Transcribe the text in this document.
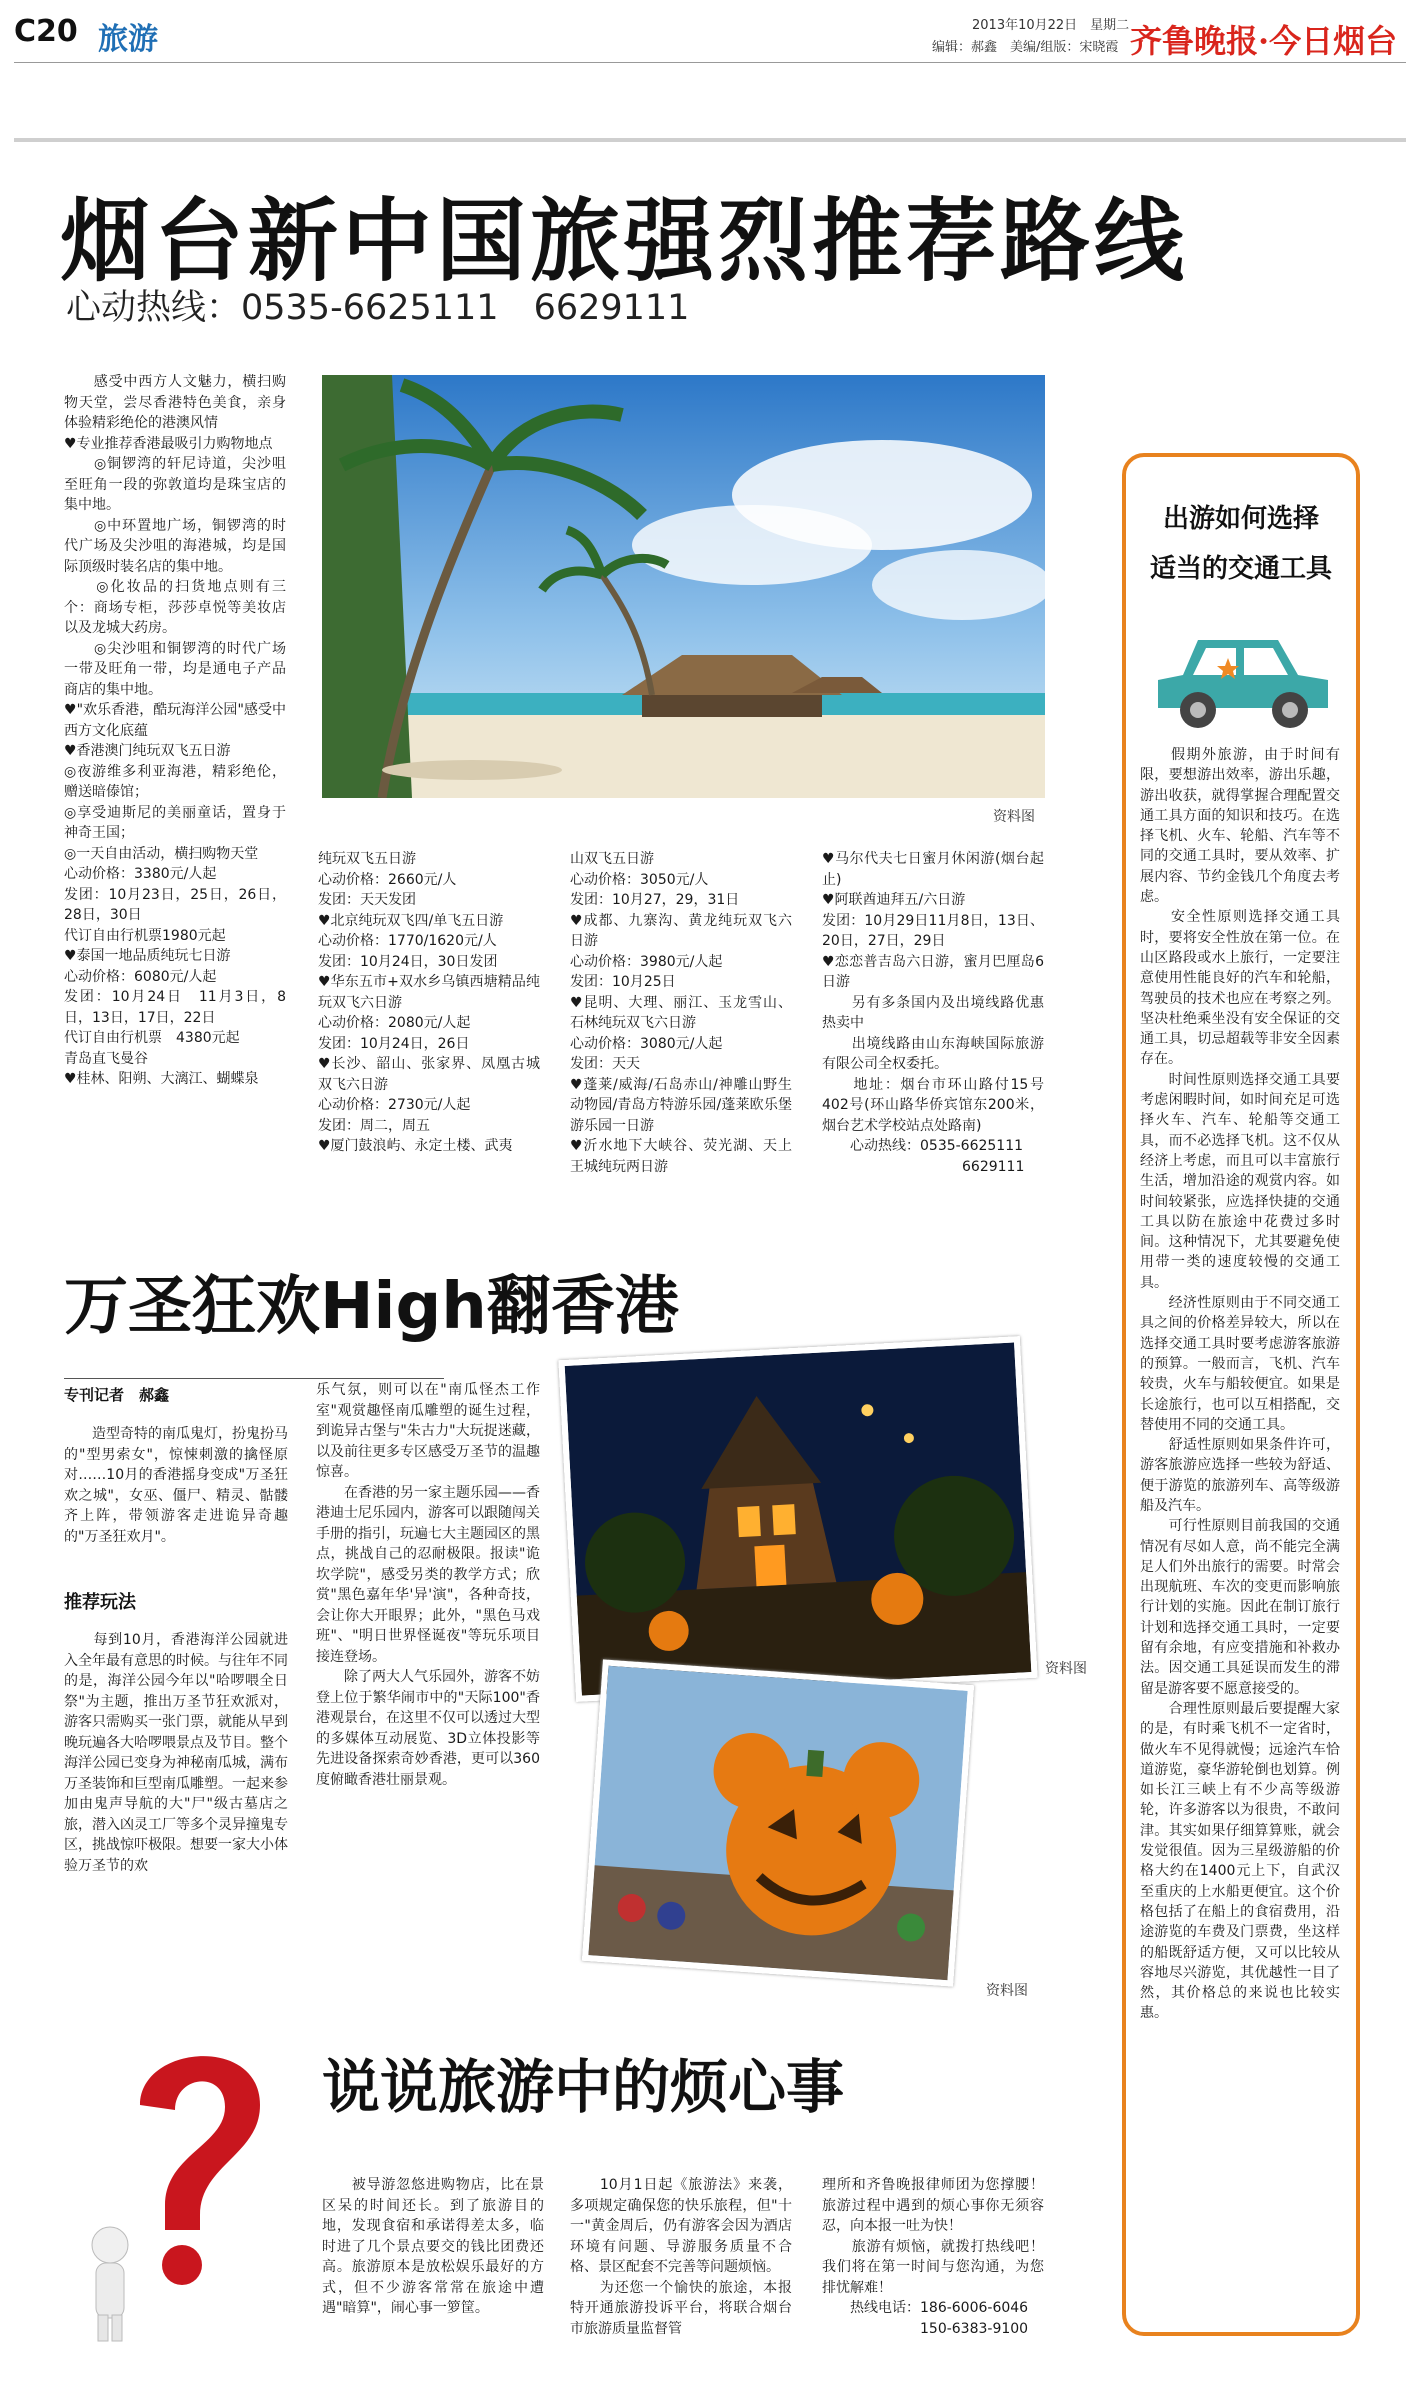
C20 旅游	2013年10月22日　星期二
编辑：郝鑫　美编/组版：宋晓霞 齐鲁晚报·今日烟台
烟台新中国旅强烈推荐路线
心动热线：0535-6625111　6629111
资料图
　　感受中西方人文魅力，横扫购物天堂，尝尽香港特色美食，亲身体验精彩绝伦的港澳风情
♥专业推荐香港最吸引力购物地点
　　◎铜锣湾的轩尼诗道，尖沙咀至旺角一段的弥敦道均是珠宝店的集中地。
　　◎中环置地广场，铜锣湾的时代广场及尖沙咀的海港城，均是国际顶级时装名店的集中地。
　　◎化妆品的扫货地点则有三个：商场专柜，莎莎卓悦等美妆店以及龙城大药房。
　　◎尖沙咀和铜锣湾的时代广场一带及旺角一带，均是通电子产品商店的集中地。
♥"欢乐香港，酷玩海洋公园"感受中西方文化底蕴
♥香港澳门纯玩双飞五日游
◎夜游维多利亚海港，精彩绝伦，赠送暗傣馆；
◎享受迪斯尼的美丽童话，置身于神奇王国；
◎一天自由活动，横扫购物天堂
心动价格：3380元/人起
发团：10月23日，25日，26日，28日，30日
代订自由行机票1980元起
♥泰国一地品质纯玩七日游
心动价格：6080元/人起
发团：10月24日　11月3日，8日，13日，17日，22日
代订自由行机票　4380元起
青岛直飞曼谷
♥桂林、阳朔、大漓江、蝴蝶泉
纯玩双飞五日游
心动价格：2660元/人
发团：天天发团
♥北京纯玩双飞四/单飞五日游
心动价格：1770/1620元/人
发团：10月24日，30日发团
♥华东五市+双水乡乌镇西塘精品纯玩双飞六日游
心动价格：2080元/人起
发团：10月24日，26日
♥长沙、韶山、张家界、凤凰古城双飞六日游
心动价格：2730元/人起
发团：周二，周五
♥厦门鼓浪屿、永定土楼、武夷
山双飞五日游
心动价格：3050元/人
发团：10月27，29，31日
♥成都、九寨沟、黄龙纯玩双飞六日游
心动价格：3980元/人起
发团：10月25日
♥昆明、大理、丽江、玉龙雪山、石林纯玩双飞六日游
心动价格：3080元/人起
发团：天天
♥蓬莱/威海/石岛赤山/神雕山野生动物园/青岛方特游乐园/蓬莱欧乐堡游乐园一日游
♥沂水地下大峡谷、荧光湖、天上王城纯玩两日游
♥马尔代夫七日蜜月休闲游(烟台起止)
♥阿联酋迪拜五/六日游
发团：10月29日11月8日，13日、20日，27日，29日
♥恋恋普吉岛六日游，蜜月巴厘岛6日游
　　另有多条国内及出境线路优惠热卖中
　　出境线路由山东海峡国际旅游有限公司全权委托。
　　地址：烟台市环山路付15号402号(环山路华侨宾馆东200米，烟台艺术学校站点处路南)
　　心动热线：0535-6625111
　　　　　　　　　　6629111
万圣狂欢High翻香港
专刊记者　郝鑫
　　造型奇特的南瓜鬼灯，扮鬼扮马的"型男索女"，惊悚刺激的擒怪原对……10月的香港摇身变成"万圣狂欢之城"，女巫、僵尸、精灵、骷髅齐上阵，带领游客走进诡异奇趣的"万圣狂欢月"。
推荐玩法
　　每到10月，香港海洋公园就进入全年最有意思的时候。与往年不同的是，海洋公园今年以"哈啰喂全日祭"为主题，推出万圣节狂欢派对，游客只需购买一张门票，就能从早到晚玩遍各大哈啰喂景点及节目。整个海洋公园已变身为神秘南瓜城，满布万圣装饰和巨型南瓜雕塑。一起来参加由鬼声导航的大"尸"级古墓店之旅，潜入凶灵工厂等多个灵异撞鬼专区，挑战惊吓极限。想要一家大小体验万圣节的欢
乐气氛，则可以在"南瓜怪杰工作室"观赏趣怪南瓜雕塑的诞生过程，到诡异古堡与"朱古力"大玩捉迷藏，以及前往更多专区感受万圣节的温趣惊喜。
　　在香港的另一家主题乐园——香港迪士尼乐园内，游客可以跟随闯关手册的指引，玩遍七大主题园区的黑点，挑战自己的忍耐极限。报读"诡坎学院"，感受另类的教学方式；欣赏"黑色嘉年华'异'演"，各种奇技，会让你大开眼界；此外，"黑色马戏班"、"明日世界怪诞夜"等玩乐项目接连登场。
　　除了两大人气乐园外，游客不妨登上位于繁华闹市中的"天际100"香港观景台，在这里不仅可以透过大型的多媒体互动展览、3D立体投影等先进设备探索奇妙香港，更可以360度俯瞰香港壮丽景观。
资料图
资料图
说说旅游中的烦心事
　　被导游忽悠进购物店，比在景区呆的时间还长。到了旅游目的地，发现食宿和承诺得差太多，临时进了几个景点要交的钱比团费还高。旅游原本是放松娱乐最好的方式，但不少游客常常在旅途中遭遇"暗算"，闹心事一箩筐。
　　10月1日起《旅游法》来袭，多项规定确保您的快乐旅程，但"十一"黄金周后，仍有游客会因为酒店环境有问题、导游服务质量不合格、景区配套不完善等问题烦恼。
　　为还您一个愉快的旅途，本报特开通旅游投诉平台，将联合烟台市旅游质量监督管
理所和齐鲁晚报律师团为您撑腰！旅游过程中遇到的烦心事你无须容忍，向本报一吐为快！
　　旅游有烦恼，就拨打热线吧！我们将在第一时间与您沟通，为您排忧解难！
　　热线电话：186-6006-6046
　　　　　　　150-6383-9100
出游如何选择
适当的交通工具
　　假期外旅游，由于时间有限，要想游出效率，游出乐趣，游出收获，就得掌握合理配置交通工具方面的知识和技巧。在选择飞机、火车、轮船、汽车等不同的交通工具时，要从效率、扩展内容、节约金钱几个角度去考虑。
　　安全性原则选择交通工具时，要将安全性放在第一位。在山区路段或水上旅行，一定要注意使用性能良好的汽车和轮船，驾驶员的技术也应在考察之列。坚决杜绝乘坐没有安全保证的交通工具，切忌超载等非安全因素存在。
　　时间性原则选择交通工具要考虑闲暇时间，如时间充足可选择火车、汽车、轮船等交通工具，而不必选择飞机。这不仅从经济上考虑，而且可以丰富旅行生活，增加沿途的观赏内容。如时间较紧张，应选择快捷的交通工具以防在旅途中花费过多时间。这种情况下，尤其要避免使用带一类的速度较慢的交通工具。
　　经济性原则由于不同交通工具之间的价格差异较大，所以在选择交通工具时要考虑游客旅游的预算。一般而言，飞机、汽车较贵，火车与船较便宜。如果是长途旅行，也可以互相搭配，交替使用不同的交通工具。
　　舒适性原则如果条件许可，游客旅游应选择一些较为舒适、便于游览的旅游列车、高等级游船及汽车。
　　可行性原则目前我国的交通情况有尽如人意，尚不能完全满足人们外出旅行的需要。时常会出现航班、车次的变更而影响旅行计划的实施。因此在制订旅行计划和选择交通工具时，一定要留有余地，有应变措施和补救办法。因交通工具延误而发生的滞留是游客要不愿意接受的。
　　合理性原则最后要提醒大家的是，有时乘飞机不一定省时，做火车不见得就慢；远途汽车恰道游览，豪华游轮倒也划算。例如长江三峡上有不少高等级游轮，许多游客以为很贵，不敢问津。其实如果仔细算算账，就会发觉很值。因为三星级游船的价格大约在1400元上下，自武汉至重庆的上水船更便宜。这个价格包括了在船上的食宿费用，沿途游览的车费及门票费，坐这样的船既舒适方便，又可以比较从容地尽兴游览，其优越性一目了然，其价格总的来说也比较实惠。
